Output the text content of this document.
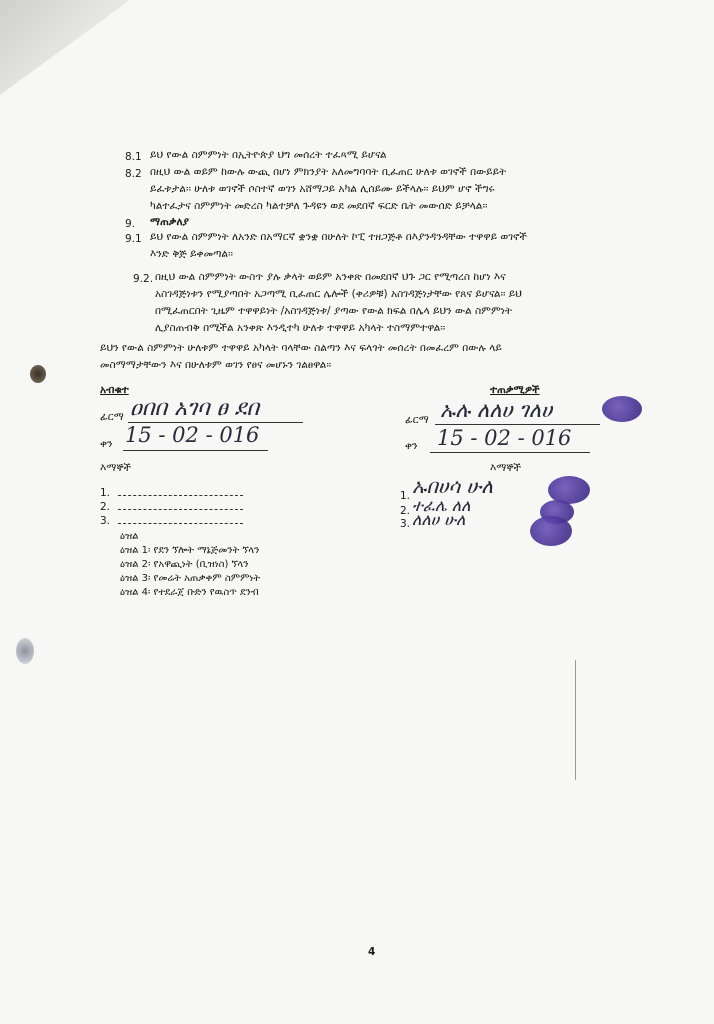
8.1 ይህ የውል ስምምነት በኢትዮጵያ ህግ መሰረት ተፈጻሚ ይሆናል
8.2 በዚህ ውል ወይም ከውሉ ውጪ በሆነ ምክንያት አለመግባባት ቢፈጠር ሁለቱ ወገኖች በውይይት
ይፈቱታል፡፡ ሁለቱ ወገኖች ሶስተኛ ወገን አሸማጋይ አካል ሊሰይሙ ይችላሉ፡፡ ይህም ሆኖ ችግሩ
ካልተፈታና ስምምነት መድረስ ካልተቻለ ጉዳዩን ወደ መደበኛ ፍርድ ቤት መውሰድ ይቻላል፡፡
9. ማጠቃለያ
9.1 ይህ የውል ስምምነት ለአንድ በአማርኛ ቋንቋ በሁለት ኮፒ ተዘጋጅቶ በእያንዳንዳቸው ተዋዋይ ወገኖች
እንድ ቅጅ ይቀመጣል፡፡
9.2. በዚህ ውል ስምምነት ውስጥ ያሉ ቃላት ወይም አንቀጽ በመደበኛ ህጉ ጋር የሚጣረስ ከሆነ እና
አስገዳጅነቱን የሚያጣበት አጋጣሚ ቢፈጠር ሌሎች (ቀሪዎቹ) አስገዳጅነታቸው የጸና ይሆናል፡፡ ይህ
በሚፈጠርበት ጊዜም ተዋዋይነት /አስገዳጅነቱ/ ያጣው የውል ክፍል በሌላ ይህን ውል ስምምነት
ሊያስጠብቅ በሚችል አንቀጽ እንዲተካ ሁለቱ ተዋዋይ አካላት ተስማምተዋል፡፡
ይህን የውል ስምምነት ሁለቱም ተዋዋይ አካላት ባላቸው ስልጣን እና ፍላጎት መሰረት በመፈረም በውሉ ላይ
መስማማታቸውን እና በሁለቱም ወገን የፀና መሆኑን ገልፀዋል፡፡
አብቁተ
ፊርማ ዐበበ አገባ ፀ ደበ
ቀን 15 - 02 - 016
ተጠቃሚዎች
ፊርማ ኡሉ ለለሀ ገለሀ
ቀን 15 - 02 - 016
እማኞች
1.
2.
3.
እማኞች
1. ኡበሀሳ ሁለ
2. ተፈሌ ለለ
3. ለለሀ ሁለ
ዕዝል
ዕዝል 1፡ የደን ኘሎት ማኔጅመንት ኘላን
ዕዝል 2፡ የአዋጪነት (ቢዝነስ) ኘላን
ዕዝል 3፡ የመሬት አጠቃቀም ስምምነት
ዕዝል 4፡ የተደራጀ ቡድን የዉስጥ ደንብ
4
